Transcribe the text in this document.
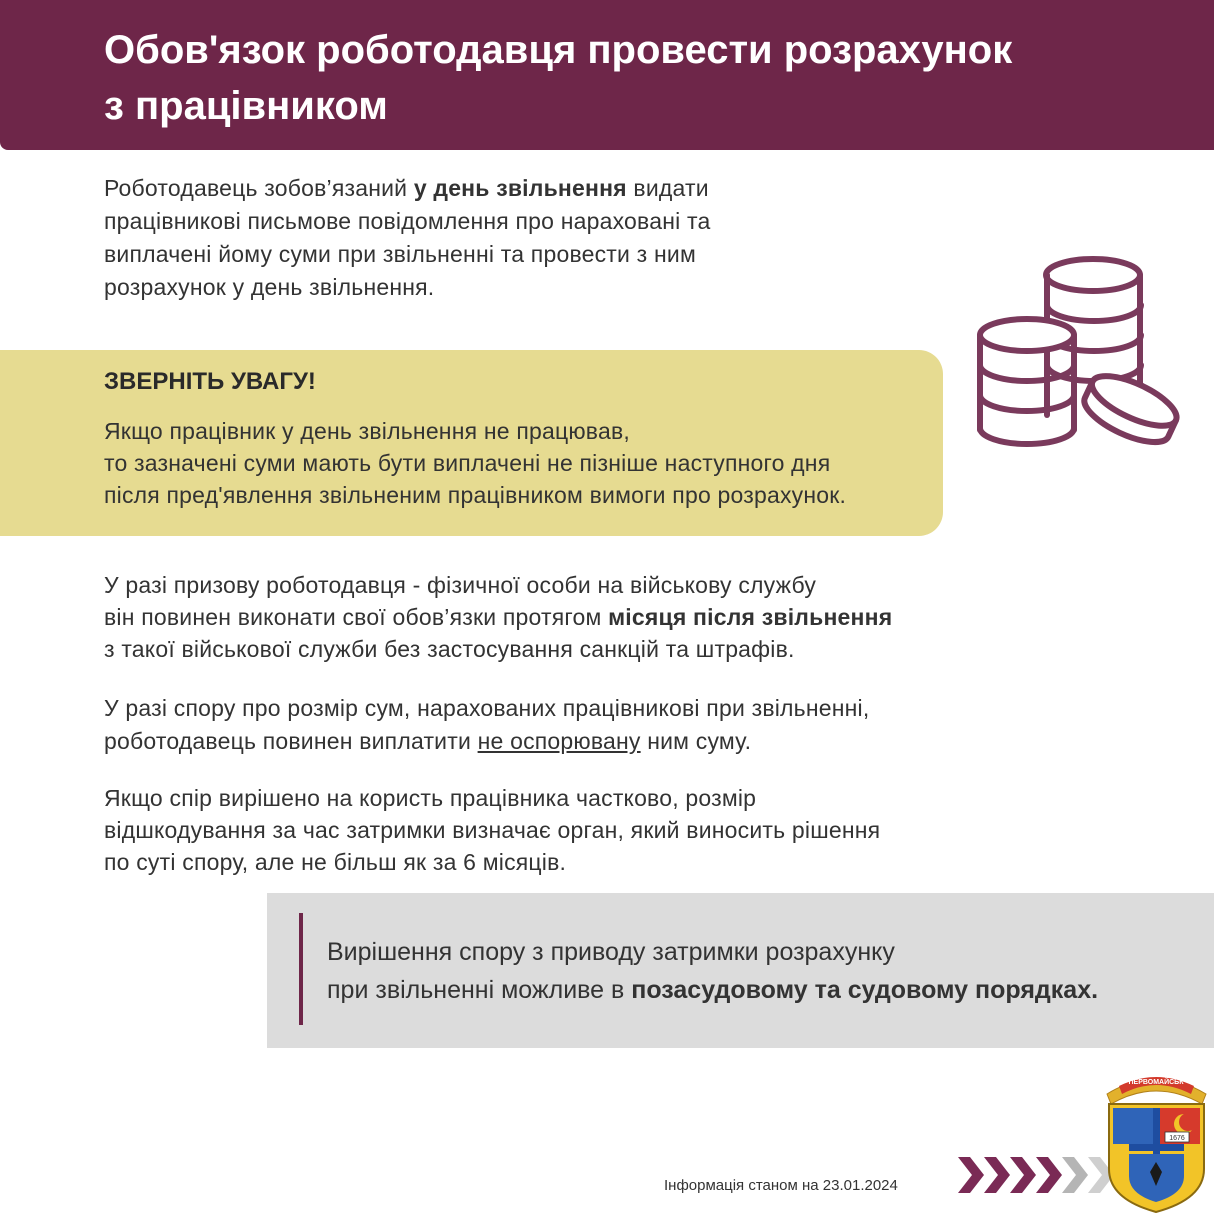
Обов'язок роботодавця провести розрахунок
з працівником
Роботодавець зобов’язаний у день звільнення видати працівникові письмове повідомлення про нараховані та виплачені йому суми при звільненні та провести з ним розрахунок у день звільнення.
ЗВЕРНІТЬ УВАГУ!

Якщо працівник у день звільнення не працював,

то зазначені суми мають бути виплачені не пізніше наступного дня

після пред'явлення звільненим працівником вимоги про розрахунок.

У разі призову роботодавця - фізичної особи на військову службу

він повинен виконати свої обов’язки протягом місяця після звільнення

з такої військової служби без застосування санкцій та штрафів.

У разі спору про розмір сум, нарахованих працівникові при звільненні,

роботодавець повинен виплатити не оспорювану ним суму.

Якщо спір вирішено на користь працівника частково, розмір

відшкодування за час затримки визначає орган, який виносить рішення

по суті спору, але не більш як за 6 місяців.

Вирішення спору з приводу затримки розрахунку
при звільненні можливе в позасудовому та судовому порядках.
Інформація станом на 23.01.2024
1676
ПЕРВОМАЙСЬК
